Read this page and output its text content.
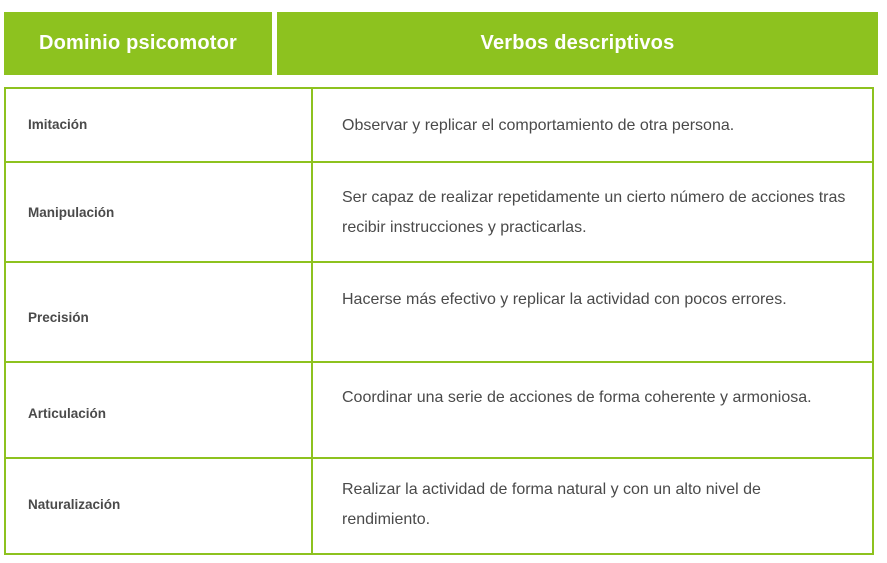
Dominio psicomotor	Verbos descriptivos
Imitación	Observar y replicar el comportamiento de otra persona.
Manipulación
Ser capaz de realizar repetidamente un cierto número de acciones tras recibir instrucciones y practicarlas.
Precisión
Hacerse más efectivo y replicar la actividad con pocos errores.
Articulación
Coordinar una serie de acciones de forma coherente y armoniosa.
Naturalización
Realizar la actividad de forma natural y con un alto nivel de rendimiento.
